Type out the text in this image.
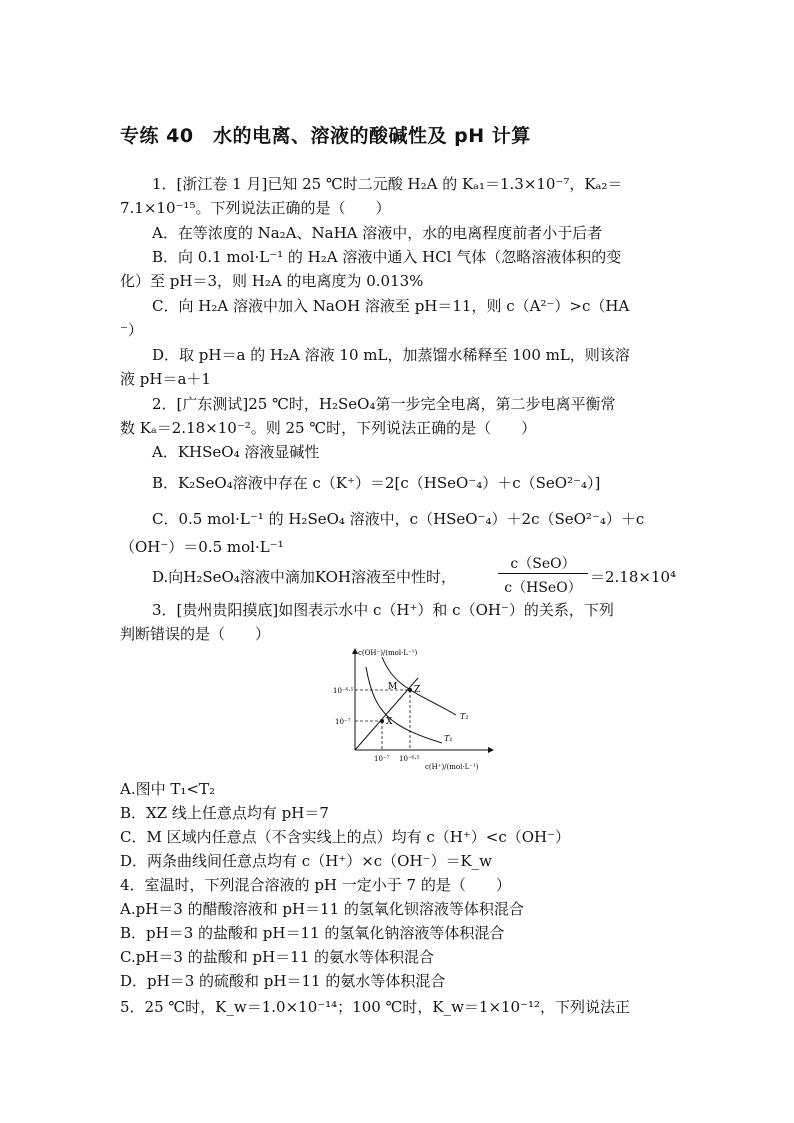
专练 40　水的电离、溶液的酸碱性及 pH 计算
1．[浙江卷 1 月]已知 25 ℃时二元酸 H₂A 的 Kₐ₁＝1.3×10⁻⁷，Kₐ₂＝
7.1×10⁻¹⁵。下列说法正确的是（　　）
A．在等浓度的 Na₂A、NaHA 溶液中，水的电离程度前者小于后者
B．向 0.1 mol·L⁻¹ 的 H₂A 溶液中通入 HCl 气体（忽略溶液体积的变
化）至 pH＝3，则 H₂A 的电离度为 0.013%
C．向 H₂A 溶液中加入 NaOH 溶液至 pH＝11，则 c（A²⁻）>c（HA
⁻）
D．取 pH＝a 的 H₂A 溶液 10 mL，加蒸馏水稀释至 100 mL，则该溶
液 pH＝a＋1
2．[广东测试]25 ℃时，H₂SeO₄第一步完全电离，第二步电离平衡常
数 Kₐ＝2.18×10⁻²。则 25 ℃时，下列说法正确的是（　　）
A．KHSeO₄ 溶液显碱性
B．K₂SeO₄溶液中存在 c（K⁺）＝2[c（HSeO⁻₄）＋c（SeO²⁻₄）]
C．0.5 mol·L⁻¹ 的 H₂SeO₄ 溶液中，c（HSeO⁻₄）＋2c（SeO²⁻₄）＋c
（OH⁻）＝0.5 mol·L⁻¹
D.向H₂SeO₄溶液中滴加KOH溶液至中性时，
c（SeO）
c（HSeO）
＝2.18×10⁴
3．[贵州贵阳摸底]如图表示水中 c（H⁺）和 c（OH⁻）的关系，下列
判断错误的是（　　）
c(OH⁻)/(mol·L⁻¹)
c(H⁺)/(mol·L⁻¹)
10⁻⁶·⁵
10⁻⁷
10⁻⁷ 10⁻⁶·⁵
M Z
X
T₂
T₁
A.图中 T₁<T₂
B．XZ 线上任意点均有 pH＝7
C．M 区域内任意点（不含实线上的点）均有 c（H⁺）<c（OH⁻）
D．两条曲线间任意点均有 c（H⁺）×c（OH⁻）＝K_w
4．室温时，下列混合溶液的 pH 一定小于 7 的是（　　）
A.pH＝3 的醋酸溶液和 pH＝11 的氢氧化钡溶液等体积混合
B．pH＝3 的盐酸和 pH＝11 的氢氧化钠溶液等体积混合
C.pH＝3 的盐酸和 pH＝11 的氨水等体积混合
D．pH＝3 的硫酸和 pH＝11 的氨水等体积混合
5．25 ℃时，K_w＝1.0×10⁻¹⁴；100 ℃时，K_w＝1×10⁻¹²，下列说法正
